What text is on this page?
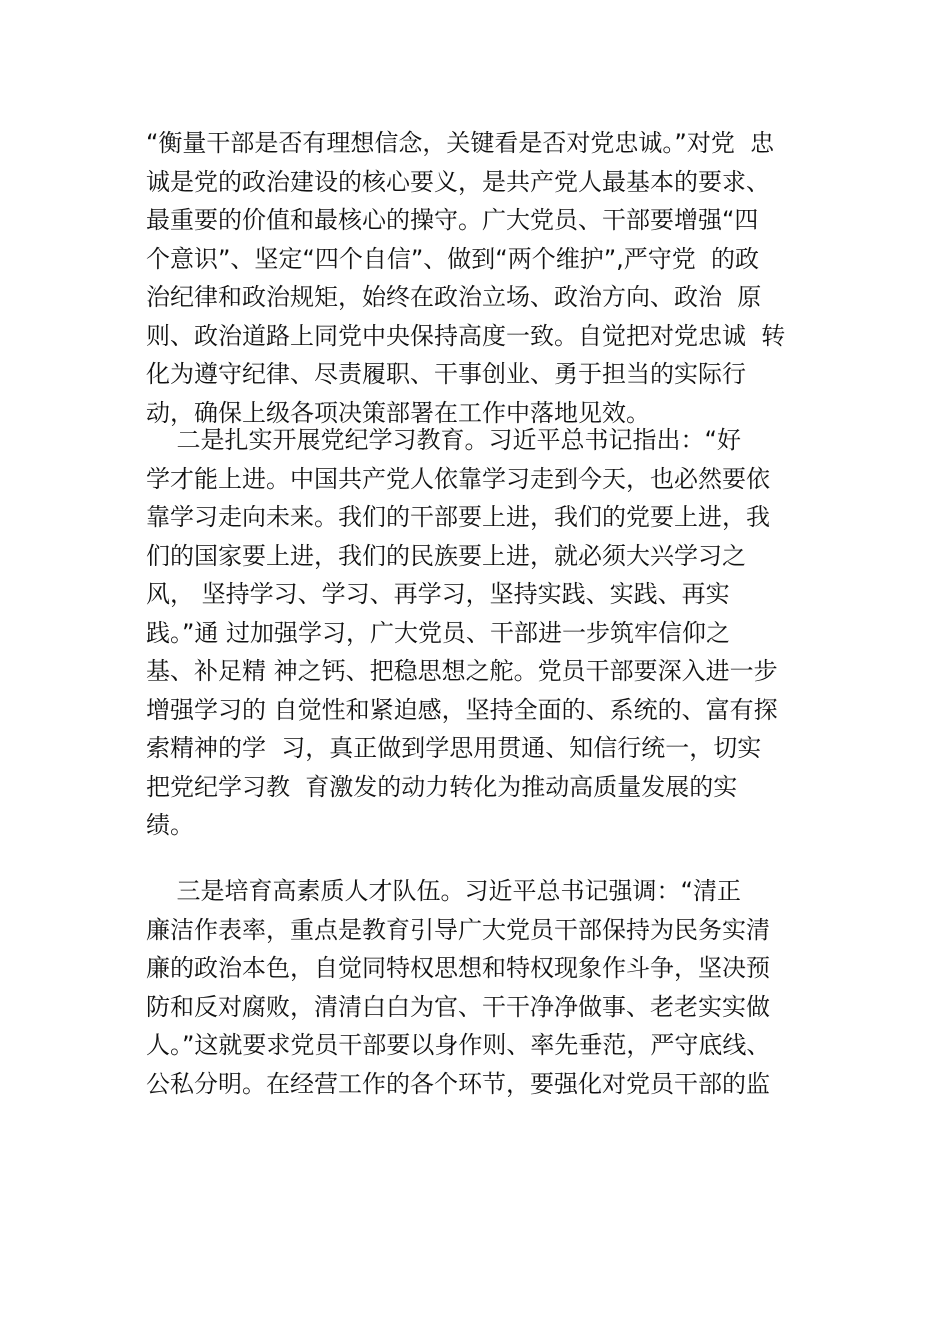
“衡量干部是否有理想信念，关键看是否对党忠诚。”对党  忠
诚是党的政治建设的核心要义，是共产党人最基本的要求、
最重要的价值和最核心的操守。广大党员、干部要增强“四
个意识”、坚定“四个自信”、做到“两个维护”,严守党  的政
治纪律和政治规矩，始终在政治立场、政治方向、政治  原
则、政治道路上同党中央保持高度一致。自觉把对党忠诚  转
化为遵守纪律、尽责履职、干事创业、勇于担当的实际行
动，确保上级各项决策部署在工作中落地见效。
二是扎实开展党纪学习教育。习近平总书记指出：“好
学才能上进。中国共产党人依靠学习走到今天，也必然要依
靠学习走向未来。我们的干部要上进，我们的党要上进，我
们的国家要上进，我们的民族要上进，就必须大兴学习之
风， 坚持学习、学习、再学习，坚持实践、实践、再实
践。”通 过加强学习，广大党员、干部进一步筑牢信仰之
基、补足精 神之钙、把稳思想之舵。党员干部要深入进一步
增强学习的 自觉性和紧迫感，坚持全面的、系统的、富有探
索精神的学  习，真正做到学思用贯通、知信行统一，切实
把党纪学习教  育激发的动力转化为推动高质量发展的实
绩。
三是培育高素质人才队伍。习近平总书记强调：“清正
廉洁作表率，重点是教育引导广大党员干部保持为民务实清
廉的政治本色，自觉同特权思想和特权现象作斗争，坚决预
防和反对腐败，清清白白为官、干干净净做事、老老实实做
人。”这就要求党员干部要以身作则、率先垂范，严守底线、
公私分明。在经营工作的各个环节，要强化对党员干部的监
